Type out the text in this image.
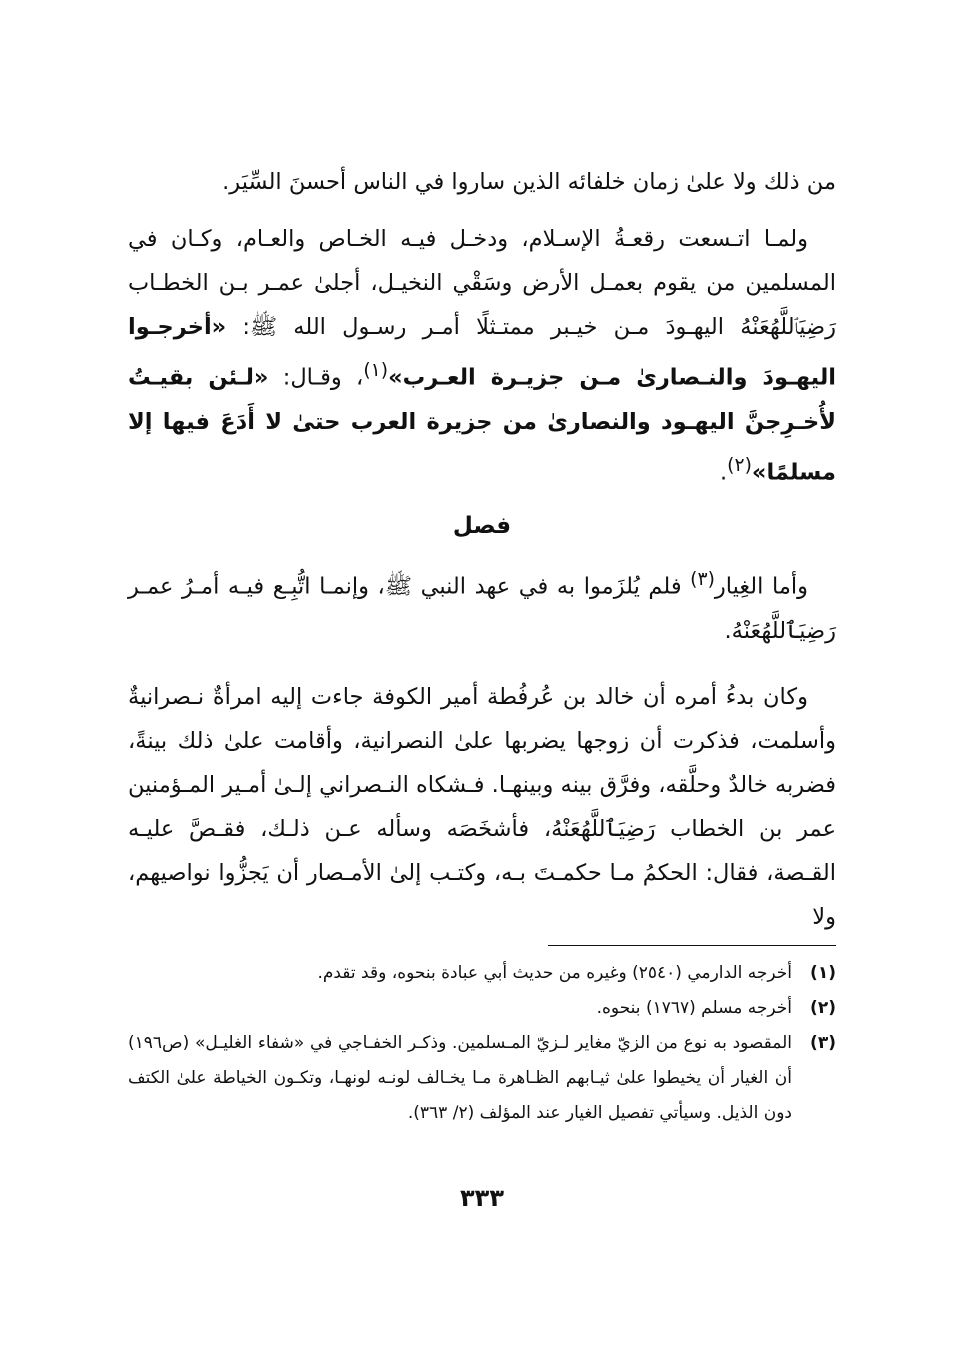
من ذلك ولا علىٰ زمان خلفائه الذين ساروا في الناس أحسنَ السِّيَر.

ولمـا اتـسعت رقعـةُ الإسـلام، ودخـل فيـه الخـاص والعـام، وكـان في المسلمين من يقوم بعمـل الأرض وسَقْي النخيـل، أجلىٰ عمـر بـن الخطـاب رَضِيَٱللَّهُعَنْهُ اليهـودَ مـن خيـبر ممتـثلًا أمـر رسـول الله ﷺ: «أخرجـوا اليهـودَ والنـصارىٰ مـن جزيـرة العـرب»$^{(١)}$، وقـال: «لـئن بقيـتُ لأُخـرِجنَّ اليهـود والنصارىٰ من جزيرة العرب حتىٰ لا أَدَعَ فيها إلا مسلمًا»$^{(٢)}$.

فصل

وأما الغِيار$^{(٣)}$ فلم يُلزَموا به في عهد النبي ﷺ، وإنمـا اتُّبِـع فيـه أمـرُ عمـر رَضِيَٱللَّهُعَنْهُ.

وكان بدءُ أمره أن خالد بن عُرفُطة أمير الكوفة جاءت إليه امرأةٌ نـصرانيةٌ وأسلمت، فذكرت أن زوجها يضربها علىٰ النصرانية، وأقامت علىٰ ذلك بينةً، فضربه خالدٌ وحلَّقه، وفرَّق بينه وبينهـا. فـشكاه النـصراني إلـىٰ أمـير المـؤمنين عمر بن الخطاب رَضِيَٱللَّهُعَنْهُ، فأشخَصَه وسأله عـن ذلـك، فقـصَّ عليـه القـصة، فقال: الحكمُ مـا حكمـتَ بـه، وكتـب إلىٰ الأمـصار أن يَجزُّوا نواصيهم، ولا

(١)
أخرجه الدارمي (٢٥٤٠) وغيره من حديث أبي عبادة بنحوه، وقد تقدم.
(٢)
أخرجه مسلم (١٧٦٧) بنحوه.
(٣)
المقصود به نوع من الزيّ مغاير لـزيّ المـسلمين. وذكـر الخفـاجي في «شفاء الغليـل» (ص١٩٦) أن الغيار أن يخيطوا علىٰ ثيـابهم الظـاهرة مـا يخـالف لونـه لونهـا، وتكـون الخياطة علىٰ الكتف دون الذيل. وسيأتي تفصيل الغيار عند المؤلف (٢/ ٣٦٣).
٣٣٣
